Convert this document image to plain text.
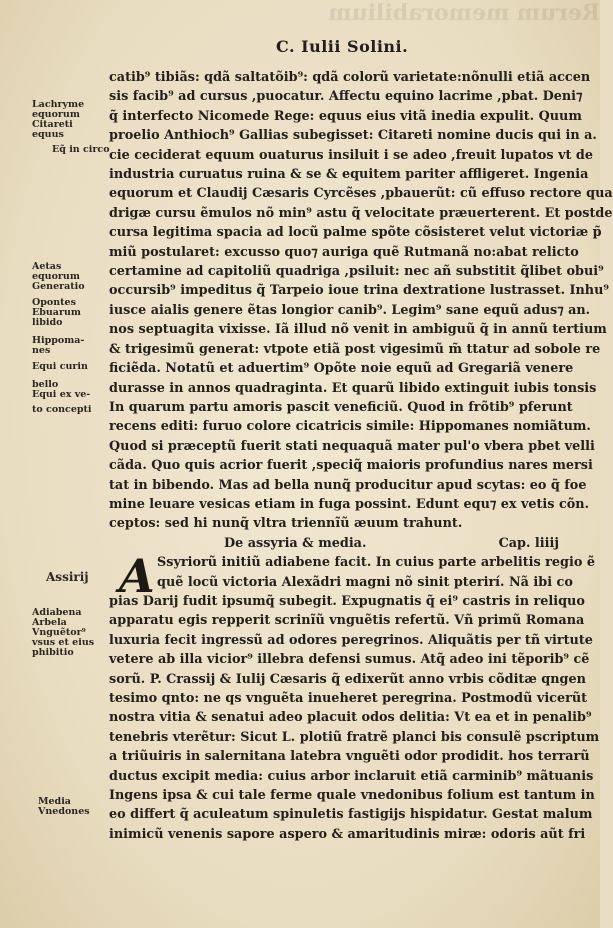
Rerum memorabilium
C. Iulii Solini.
catib⁹ tibiãs: qdã saltatõib⁹: qdã colorũ varietate:nõnulli etiã accen
sis facib⁹ ad cursus ,puocatur. Affectu equino lacrime ,pbat. Deni⁊
q̃ interfecto Nicomede Rege: equus eius vitã inedia expulit. Quum
proelio Anthioch⁹ Gallias subegisset: Citareti nomine ducis qui in a.
cie ceciderat equum ouaturus insiluit i se adeo ,freuit lupatos vt de
industria curuatus ruina & se & equitem pariter affligeret. Ingenia
equorum et Claudij Cæsaris Cyrcẽses ,pbauerũt: cũ effuso rectore qua
drigæ cursu ẽmulos nõ min⁹ astu q̃ velocitate præuerterent. Et postde
cursa legitima spacia ad locũ palme spõte cõsisteret velut victoriæ p̃
miũ postularet: excusso quo⁊ auriga quẽ Rutmanã no:abat relicto
certamine ad capitoliũ quadriga ,psiluit: nec añ substitit q̃libet obui⁹
occursib⁹ impeditus q̃ Tarpeio ioue trina dextratione lustrasset. Inhu⁹
iusce aialis genere ẽtas longior canib⁹. Legim⁹ sane equũ adus⁊ an.
nos septuagita vixisse. Iã illud nõ venit in ambiguũ q̃ in annũ tertium
& trigesimũ generat: vtpote etiã post vigesimũ m̃ ttatur ad sobole re
ficiẽda. Notatũ et aduertim⁹ Opõte noie equũ ad Gregariã venere
durasse in annos quadraginta. Et quarũ libido extinguit iubis tonsis
In quarum partu amoris pascit veneficiũ. Quod in frõtib⁹ pferunt
recens editi: furuo colore cicatricis simile: Hippomanes nomiãtum.
Quod si præceptũ fuerit stati nequaquã mater pul'o vbera pbet velli
cãda. Quo quis acrior fuerit ,speciq̃ maioris profundius nares mersi
tat in bibendo. Mas ad bella nunq̃ producitur apud scytas: eo q̃ foe
mine leuare vesicas etiam in fuga possint. Edunt equ⁊ ex vetis cõn.
ceptos: sed hi nunq̃ vltra triennĩũ æuum trahunt.
De assyria & media.	Cap. liiij
A Ssyriorũ initiũ adiabene facit. In cuius parte arbelitis regio ẽ
quẽ locũ victoria Alexãdri magni nõ sinit pterirí. Nã ibi co
pias Darij fudit ipsumq̃ subegit. Expugnatis q̃ ei⁹ castris in reliquo
apparatu egis repperit scrinĩũ vnguẽtis refertũ. Vñ primũ Romana
luxuria fecit ingressũ ad odores peregrinos. Aliquãtis per tñ virtute
vetere ab illa vicior⁹ illebra defensi sumus. Atq̃ adeo ini tẽporib⁹ cẽ
sorũ. P. Crassij & Iulij Cæsaris q̃ edixerũt anno vrbis cõditæ qngen
tesimo qnto: ne qs vnguẽta inueheret peregrina. Postmodũ vicerũt
nostra vitia & senatui adeo placuit odos delitia: Vt ea et in penalib⁹
tenebris vterẽtur: Sicut L. plotiũ fratrẽ planci bis consulẽ pscriptum
a triũuiris in salernitana latebra vnguẽti odor prodidit. hos terrarũ
ductus excipit media: cuius arbor inclaruit etiã carminib⁹ mãtuanis
Ingens ipsa & cui tale ferme quale vnedonibus folium est tantum in
eo differt q̃ aculeatum spinuletis fastigijs hispidatur. Gestat malum
inimicũ venenis sapore aspero & amaritudinis miræ: odoris aũt fri
Lachryme
equorum
Citareti
equus
Eq̃ in circo
Aetas
equorum
Generatio
Opontes
Ebuarum
libido
Hippoma-
nes
Equi curin
bello
Equi ex ve-
to concepti
Assirij
Adiabena
Arbela
Vnguẽtor⁹
vsus et eius
phibitio
Media
Vnedones
